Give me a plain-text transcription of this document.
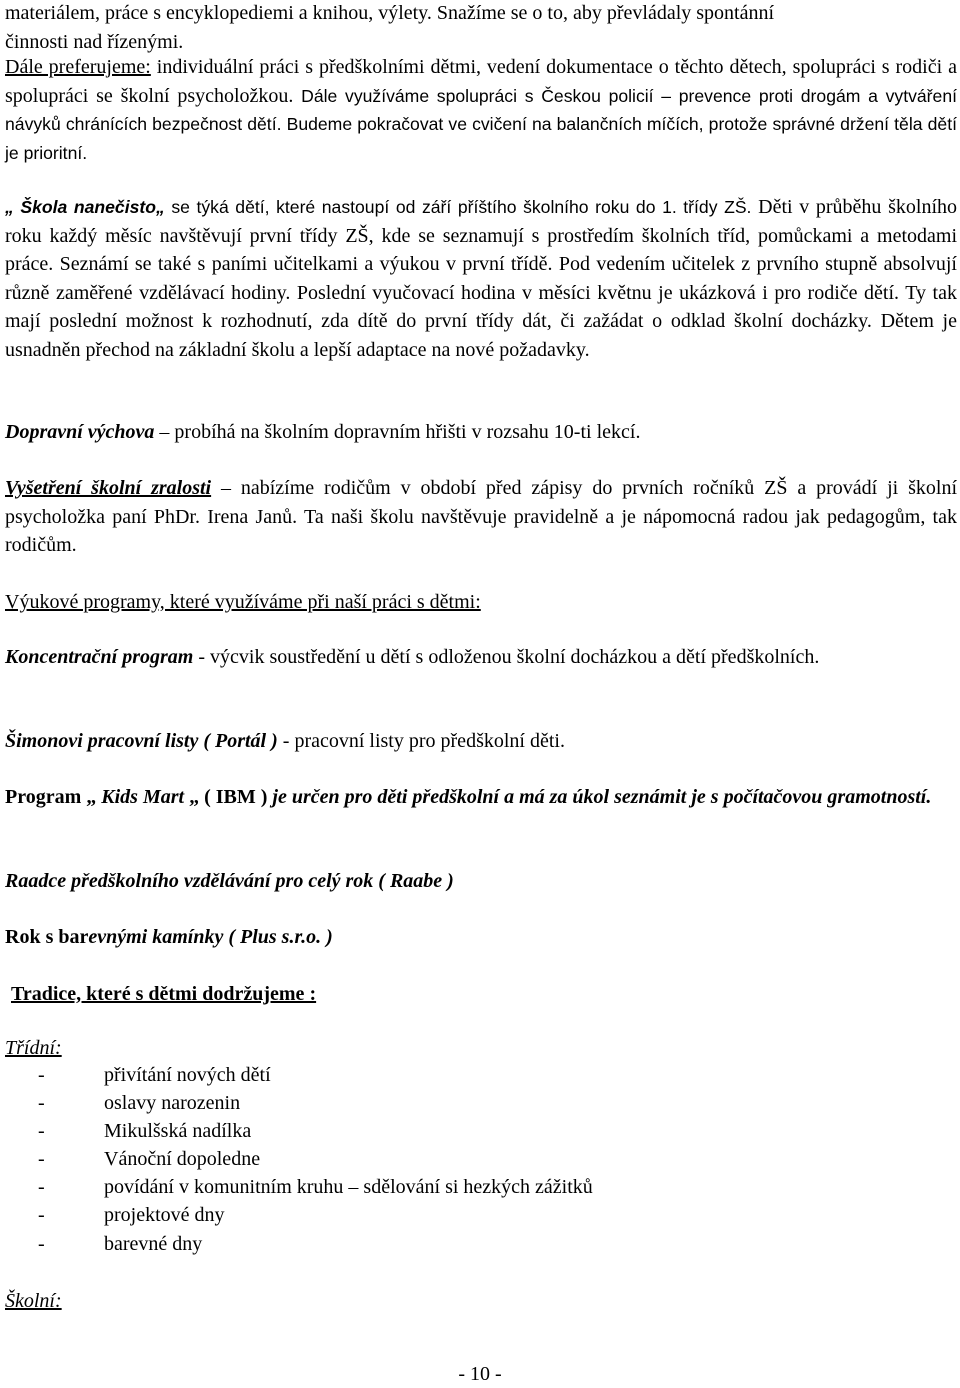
materiálem, práce s encyklopediemi a knihou, výlety. Snažíme se o to, aby převládaly spontánní
činnosti nad řízenými.

Dále preferujeme: individuální práci s předškolními dětmi, vedení dokumentace o těchto dětech, spolupráci s rodiči a spolupráci se školní psycholožkou. Dále využíváme spolupráci s Českou policií – prevence proti drogám a vytváření návyků chránících bezpečnost dětí. Budeme pokračovat ve cvičení na balančních míčích, protože správné držení těla dětí je prioritní.

„ Škola nanečisto„ se týká dětí, které nastoupí od září příštího školního roku do 1. třídy ZŠ. Děti v průběhu školního roku každý měsíc navštěvují první třídy ZŠ, kde se seznamují s prostředím školních tříd, pomůckami a metodami práce. Seznámí se také s paními učitelkami a výukou v první třídě. Pod vedením učitelek z prvního stupně absolvují různě zaměřené vzdělávací hodiny. Poslední vyučovací hodina v měsíci květnu je ukázková i pro rodiče dětí. Ty tak mají poslední možnost k rozhodnutí, zda dítě do první třídy dát, či zažádat o odklad školní docházky. Dětem je usnadněn přechod na základní školu a lepší adaptace na nové požadavky.

Dopravní výchova – probíhá na školním dopravním hřišti v rozsahu 10-ti lekcí.

Vyšetření školní zralosti – nabízíme rodičům v období před zápisy do prvních ročníků ZŠ a provádí ji školní psycholožka paní PhDr. Irena Janů. Ta naši školu navštěvuje pravidelně a je nápomocná radou jak pedagogům, tak rodičům.

Výukové programy, které využíváme při naší práci s dětmi:

Koncentrační program - výcvik soustředění u dětí s odloženou školní docházkou a dětí předškolních.

Šimonovi pracovní listy ( Portál ) - pracovní listy pro předškolní děti.

Program „ Kids Mart „ ( IBM ) je určen pro děti předškolní a má za úkol seznámit je s počítačovou gramotností.

Raadce předškolního vzdělávání pro celý rok ( Raabe )

Rok s barevnými kamínky ( Plus s.r.o. )

Tradice, které s dětmi dodržujeme :

Třídní:

-	přivítání nových dětí
-	oslavy narozenin
-	Mikulšská nadílka
-	Vánoční dopoledne
-	povídání v komunitním kruhu – sdělování si hezkých zážitků
-	projektové dny
-	barevné dny

Školní:

- 10 -
